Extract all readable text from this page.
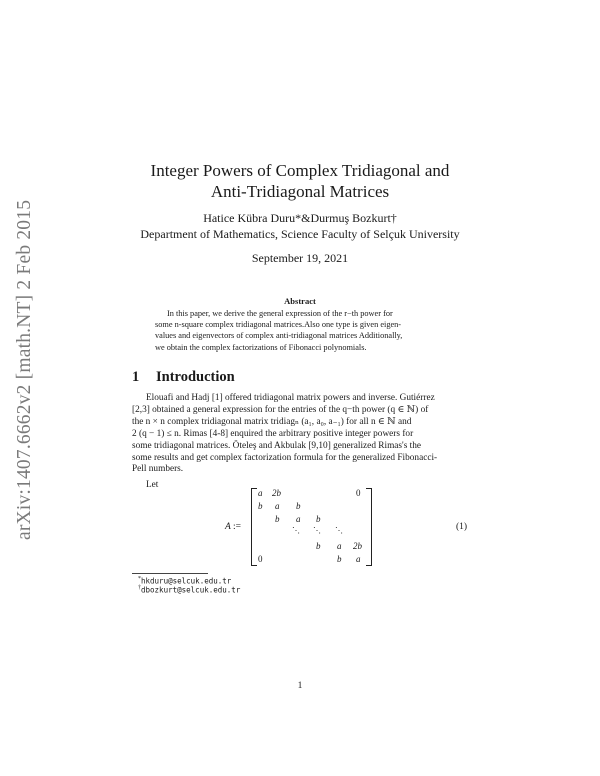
arXiv:1407.6662v2 [math.NT] 2 Feb 2015
Integer Powers of Complex Tridiagonal and
Anti-Tridiagonal Matrices
Hatice Kübra Duru*&Durmuş Bozkurt†
Department of Mathematics, Science Faculty of Selçuk University
September 19, 2021
Abstract

In this paper, we derive the general expression of the r−th power for

some n-square complex tridiagonal matrices.Also one type is given eigen-

values and eigenvectors of complex anti-tridiagonal matrices Additionally,

we obtain the complex factorizations of Fibonacci polynomials.

1 Introduction

Elouafi and Hadj [1] offered tridiagonal matrix powers and inverse. Gutiérrez

[2,3] obtained a general expression for the entries of the q−th power (q ∈ ℕ) of

the n × n complex tridiagonal matrix tridiagₙ (a₁, a₀, a₋₁) for all n ∈ ℕ and

2 (q − 1) ≤ n. Rimas [4-8] enquired the arbitrary positive integer powers for

some tridiagonal matrices. Öteleş and Akbulak [9,10] generalized Rimas's the

some results and get complex factorization formula for the generalized Fibonacci-

Pell numbers.

Let
A :=
a 2b	0
b a b
b a b
⋱ ⋱ ⋱
b a 2b
0	b a
(1)
*hkduru@selcuk.edu.tr
†dbozkurt@selcuk.edu.tr
1
